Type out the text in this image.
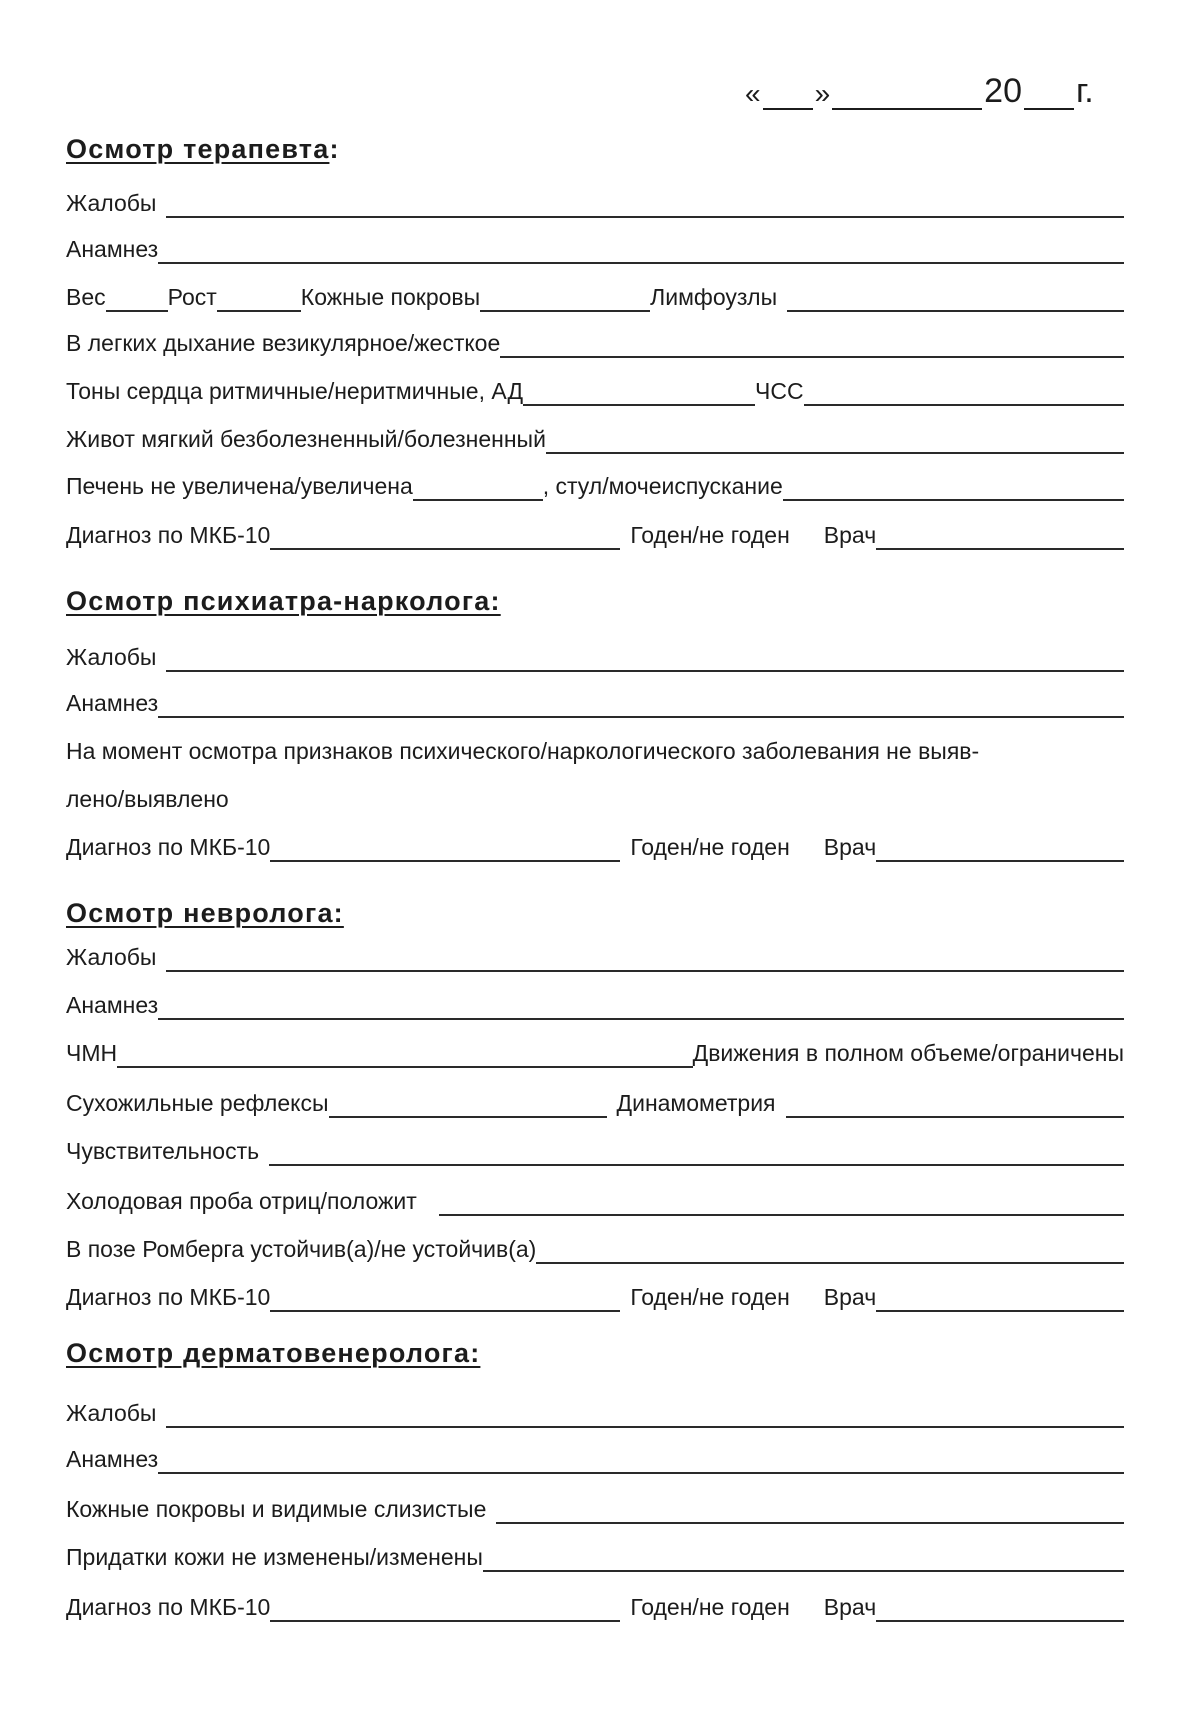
« »	20 г.
Осмотр терапевта:
Жалобы
Анамнез
Вес	Рост	Кожные покровы	Лимфоузлы
В легких дыхание везикулярное/жесткое
Тоны сердца ритмичные/неритмичные, АД	ЧСС
Живот мягкий безболезненный/болезненный
Печень не увеличена/увеличена	, стул/мочеиспускание
Диагноз по МКБ-10	Годен/не годен Врач
Осмотр психиатра-нарколога:
Жалобы
Анамнез
На момент осмотра признаков психического/наркологического заболевания не выяв-
лено/выявлено
Диагноз по МКБ-10	Годен/не годен Врач
Осмотр невролога:
Жалобы
Анамнез
ЧМН	Движения в полном объеме/ограничены
Сухожильные рефлексы	Динамометрия
Чувствительность
Холодовая проба отриц/положит
В позе Ромберга устойчив(а)/не устойчив(а)
Диагноз по МКБ-10	Годен/не годен Врач
Осмотр дерматовенеролога:
Жалобы
Анамнез
Кожные покровы и видимые слизистые
Придатки кожи не изменены/изменены
Диагноз по МКБ-10	Годен/не годен Врач
